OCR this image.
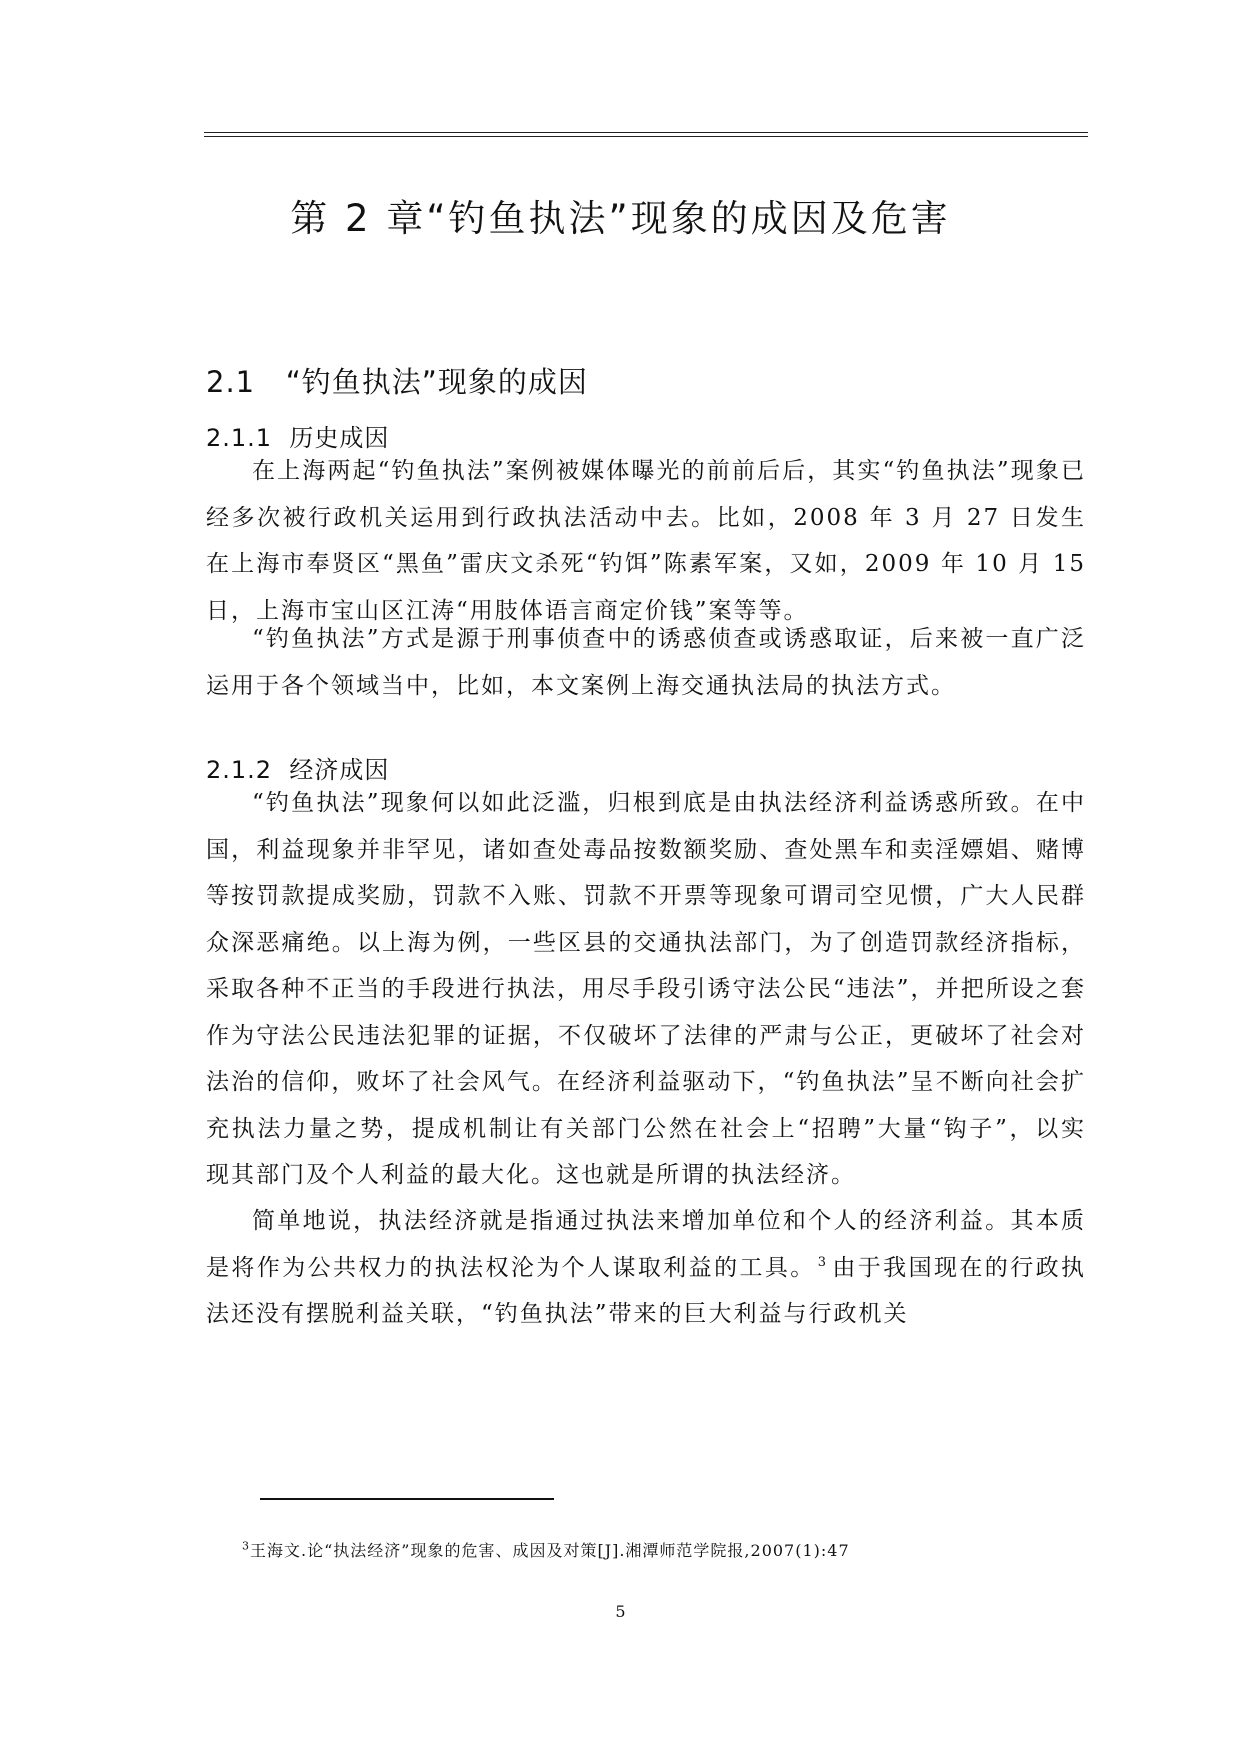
第 2 章“钓鱼执法”现象的成因及危害
2.1 “钓鱼执法”现象的成因
2.1.1 历史成因

在上海两起“钓鱼执法”案例被媒体曝光的前前后后，其实“钓鱼执法”现象已经多次被行政机关运用到行政执法活动中去。比如，2008 年 3 月 27 日发生在上海市奉贤区“黑鱼”雷庆文杀死“钓饵”陈素军案，又如，2009 年 10 月 15 日，上海市宝山区江涛“用肢体语言商定价钱”案等等。

“钓鱼执法”方式是源于刑事侦查中的诱惑侦查或诱惑取证，后来被一直广泛运用于各个领域当中，比如，本文案例上海交通执法局的执法方式。

2.1.2 经济成因

“钓鱼执法”现象何以如此泛滥，归根到底是由执法经济利益诱惑所致。在中国，利益现象并非罕见，诸如查处毒品按数额奖励、查处黑车和卖淫嫖娼、赌博等按罚款提成奖励，罚款不入账、罚款不开票等现象可谓司空见惯，广大人民群众深恶痛绝。以上海为例，一些区县的交通执法部门，为了创造罚款经济指标，采取各种不正当的手段进行执法，用尽手段引诱守法公民“违法”，并把所设之套作为守法公民违法犯罪的证据，不仅破坏了法律的严肃与公正，更破坏了社会对法治的信仰，败坏了社会风气。在经济利益驱动下，“钓鱼执法”呈不断向社会扩充执法力量之势，提成机制让有关部门公然在社会上“招聘”大量“钩子”，以实现其部门及个人利益的最大化。这也就是所谓的执法经济。

简单地说，执法经济就是指通过执法来增加单位和个人的经济利益。其本质是将作为公共权力的执法权沦为个人谋取利益的工具。 $^3$ 由于我国现在的行政执法还没有摆脱利益关联，“钓鱼执法”带来的巨大利益与行政机关

$^3$王海文.论“执法经济”现象的危害、成因及对策[J].湘潭师范学院报,2007(1):47

5
